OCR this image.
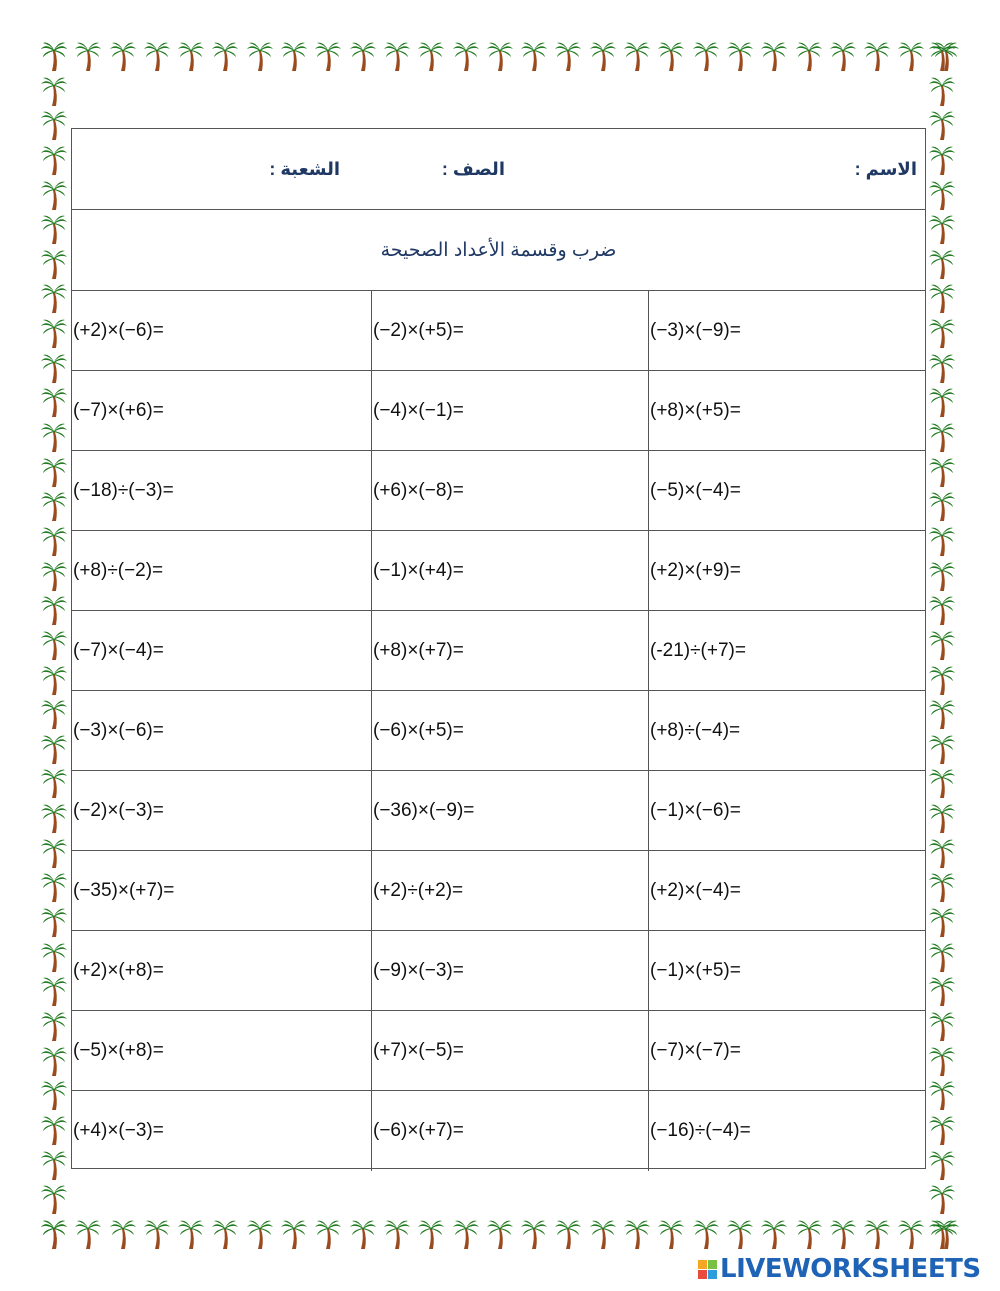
الاسم :
الصف :
الشعبة :
ضرب وقسمة الأعداد الصحيحة
(+2)×(−6)=	(−2)×(+5)=	(−3)×(−9)=
(−7)×(+6)=	(−4)×(−1)=	(+8)×(+5)=
(−18)÷(−3)=	(+6)×(−8)=	(−5)×(−4)=
(+8)÷(−2)=	(−1)×(+4)=	(+2)×(+9)=
(−7)×(−4)=	(+8)×(+7)=	(-21)÷(+7)=
(−3)×(−6)=	(−6)×(+5)=	(+8)÷(−4)=
(−2)×(−3)=	(−36)×(−9)=	(−1)×(−6)=
(−35)×(+7)=	(+2)÷(+2)=	(+2)×(−4)=
(+2)×(+8)=	(−9)×(−3)=	(−1)×(+5)=
(−5)×(+8)=	(+7)×(−5)=	(−7)×(−7)=
(+4)×(−3)=	(−6)×(+7)=	(−16)÷(−4)=
LIVEWORKSHEETS
